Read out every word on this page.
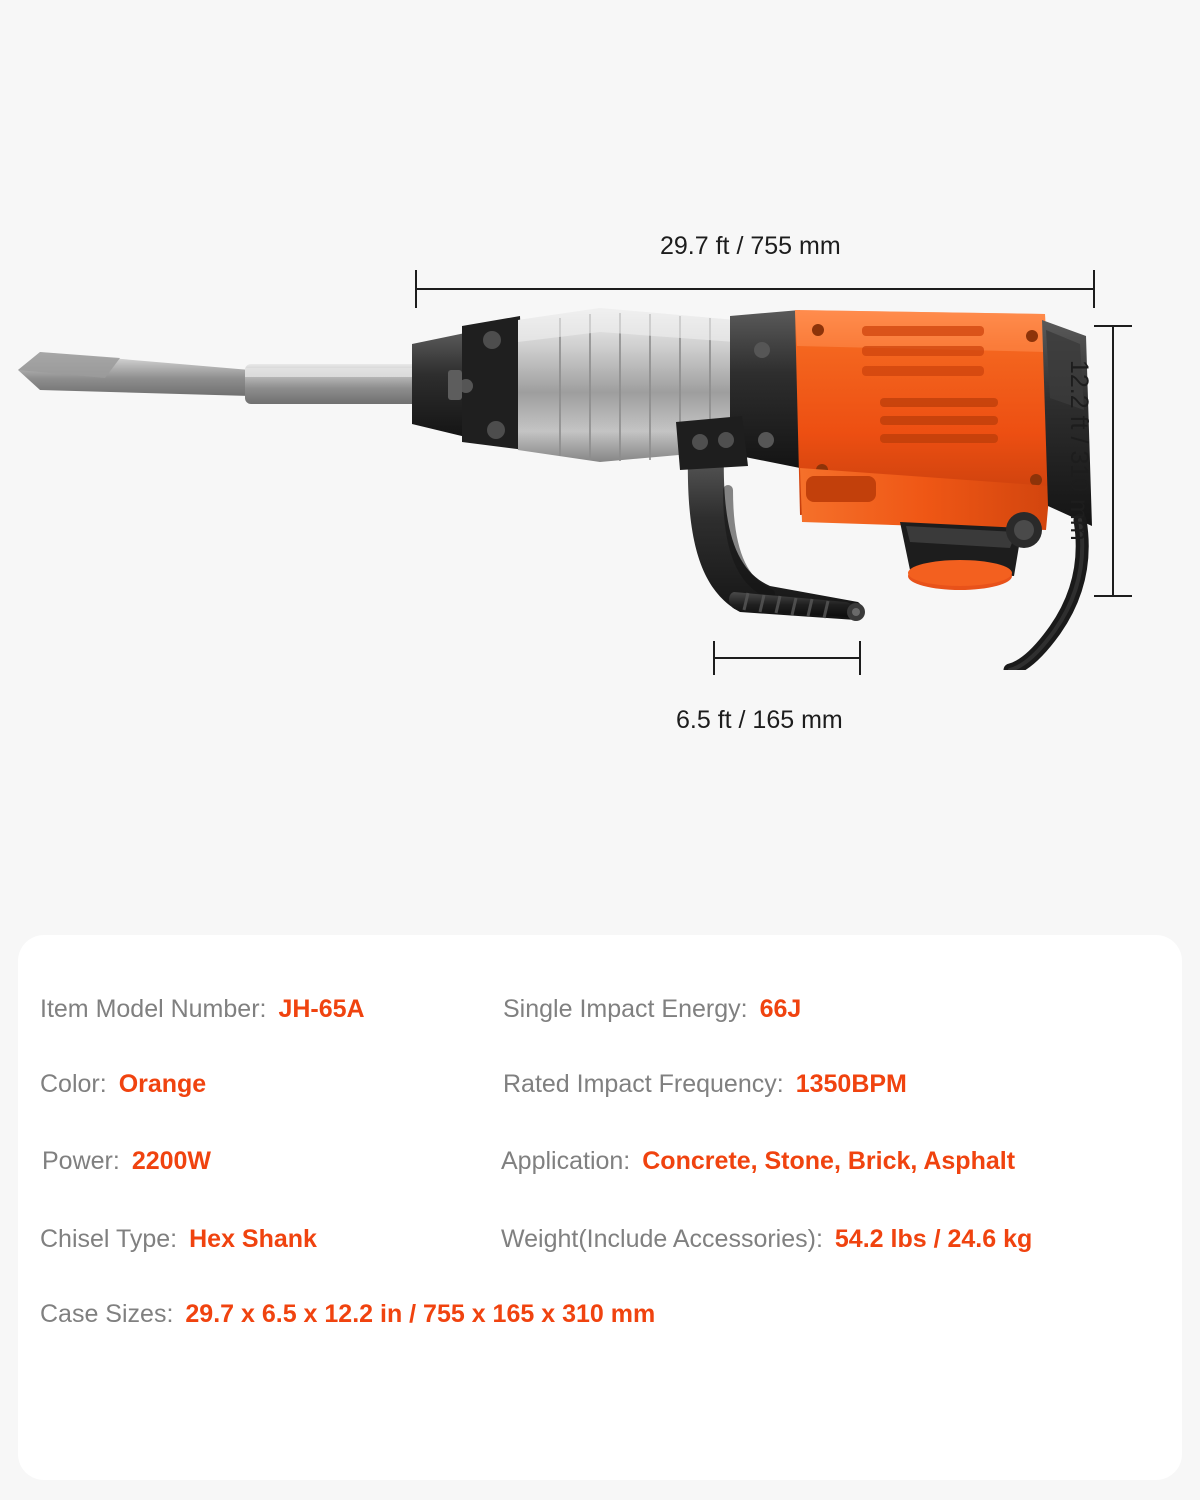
29.7 ft / 755 mm
12.2 ft / 310 mm
6.5 ft / 165 mm
Item Model Number: JH-65A
Color: Orange
Power: 2200W
Chisel Type: Hex Shank
Case Sizes: 29.7 x 6.5 x 12.2 in / 755 x 165 x 310 mm
Single Impact Energy: 66J
Rated Impact Frequency: 1350BPM
Application: Concrete, Stone, Brick, Asphalt
Weight(Include Accessories): 54.2 lbs / 24.6 kg
